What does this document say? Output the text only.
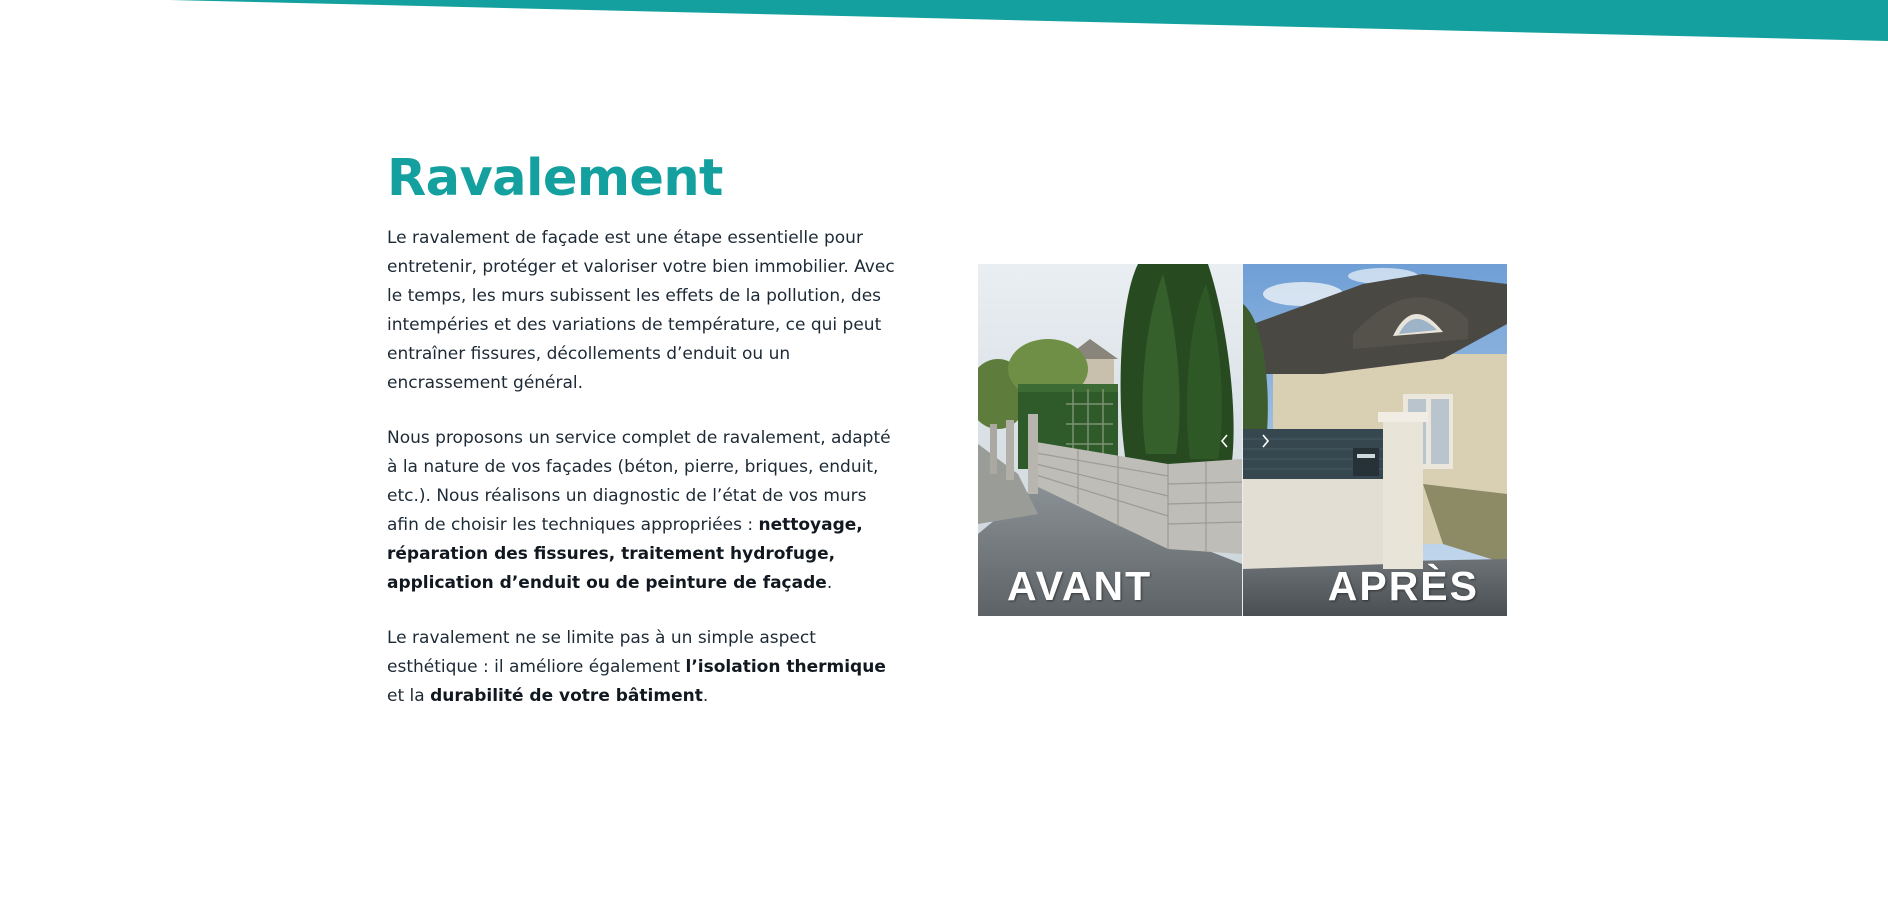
Ravalement

Le ravalement de façade est une étape essentielle pour entretenir, protéger et valoriser votre bien immobilier. Avec le temps, les murs subissent les effets de la pollution, des intempéries et des variations de température, ce qui peut entraîner fissures, décollements d’enduit ou un encrassement général.

Nous proposons un service complet de ravalement, adapté à la nature de vos façades (béton, pierre, briques, enduit, etc.). Nous réalisons un diagnostic de l’état de vos murs afin de choisir les techniques appropriées : nettoyage, réparation des fissures, traitement hydrofuge, application d’enduit ou de peinture de façade.

Le ravalement ne se limite pas à un simple aspect esthétique : il améliore également l’isolation thermique et la durabilité de votre bâtiment.

AVANT	APRÈS
